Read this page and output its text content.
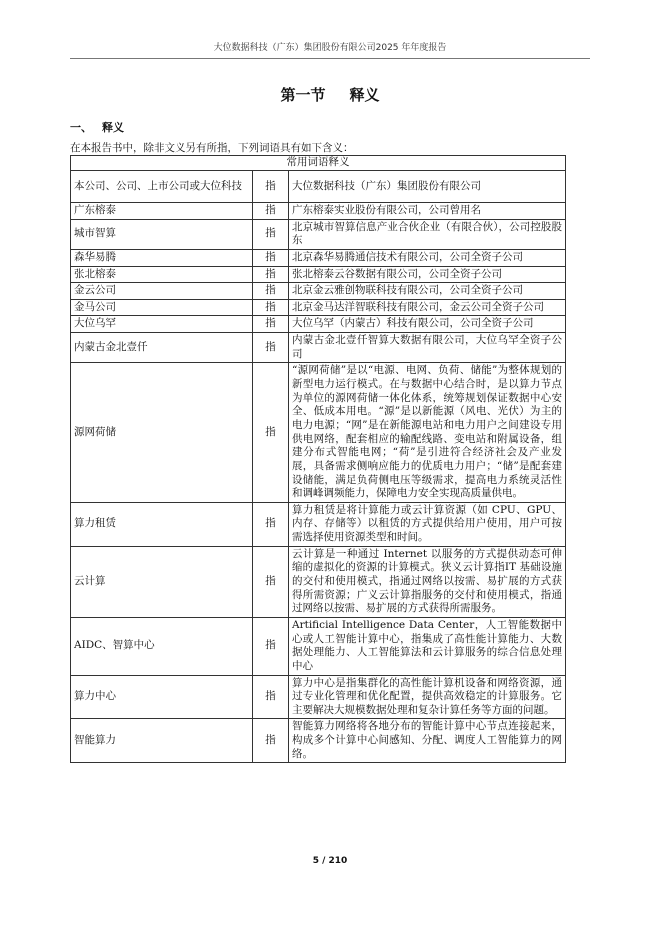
大位数据科技（广东）集团股份有限公司2025 年年度报告
第一节 释义
一、 释义
在本报告书中，除非文义另有所指，下列词语具有如下含义：
常用词语释义		
本公司、公司、上市公司或大位科技	指	大位数据科技（广东）集团股份有限公司
广东榕泰	指	广东榕泰实业股份有限公司，公司曾用名
城市智算	指	北京城市智算信息产业合伙企业（有限合伙），公司控股股东
森华易腾	指	北京森华易腾通信技术有限公司，公司全资子公司
张北榕泰	指	张北榕泰云谷数据有限公司，公司全资子公司
金云公司	指	北京金云雅创物联科技有限公司，公司全资子公司
金马公司	指	北京金马达洋智联科技有限公司，金云公司全资子公司
大位乌罕	指	大位乌罕（内蒙古）科技有限公司，公司全资子公司
内蒙古金北壹仟	指	内蒙古金北壹仟智算大数据有限公司，大位乌罕全资子公司
源网荷储	指	“源网荷储”是以“电源、电网、负荷、储能”为整体规划的新型电力运行模式。在与数据中心结合时，是以算力节点为单位的源网荷储一体化体系，统筹规划保证数据中心安全、低成本用电。“源”是以新能源（风电、光伏）为主的电力电源；“网”是在新能源电站和电力用户之间建设专用供电网络，配套相应的输配线路、变电站和附属设备，组建分布式智能电网；“荷”是引进符合经济社会及产业发展，具备需求侧响应能力的优质电力用户；“储”是配套建设储能，满足负荷侧电压等级需求，提高电力系统灵活性和调峰调频能力，保障电力安全实现高质量供电。
算力租赁	指	算力租赁是将计算能力或云计算资源（如 CPU、GPU、内存、存储等）以租赁的方式提供给用户使用，用户可按需选择使用资源类型和时间。
云计算	指	云计算是一种通过 Internet 以服务的方式提供动态可伸缩的虚拟化的资源的计算模式。狭义云计算指IT 基础设施的交付和使用模式，指通过网络以按需、易扩展的方式获得所需资源；广义云计算指服务的交付和使用模式，指通过网络以按需、易扩展的方式获得所需服务。
AIDC、智算中心	指	Artificial Intelligence Data Center，人工智能数据中心或人工智能计算中心，指集成了高性能计算能力、大数据处理能力、人工智能算法和云计算服务的综合信息处理中心
算力中心	指	算力中心是指集群化的高性能计算机设备和网络资源，通过专业化管理和优化配置，提供高效稳定的计算服务。它主要解决大规模数据处理和复杂计算任务等方面的问题。
智能算力	指	智能算力网络将各地分布的智能计算中心节点连接起来，构成多个计算中心间感知、分配、调度人工智能算力的网络。
5 / 210
